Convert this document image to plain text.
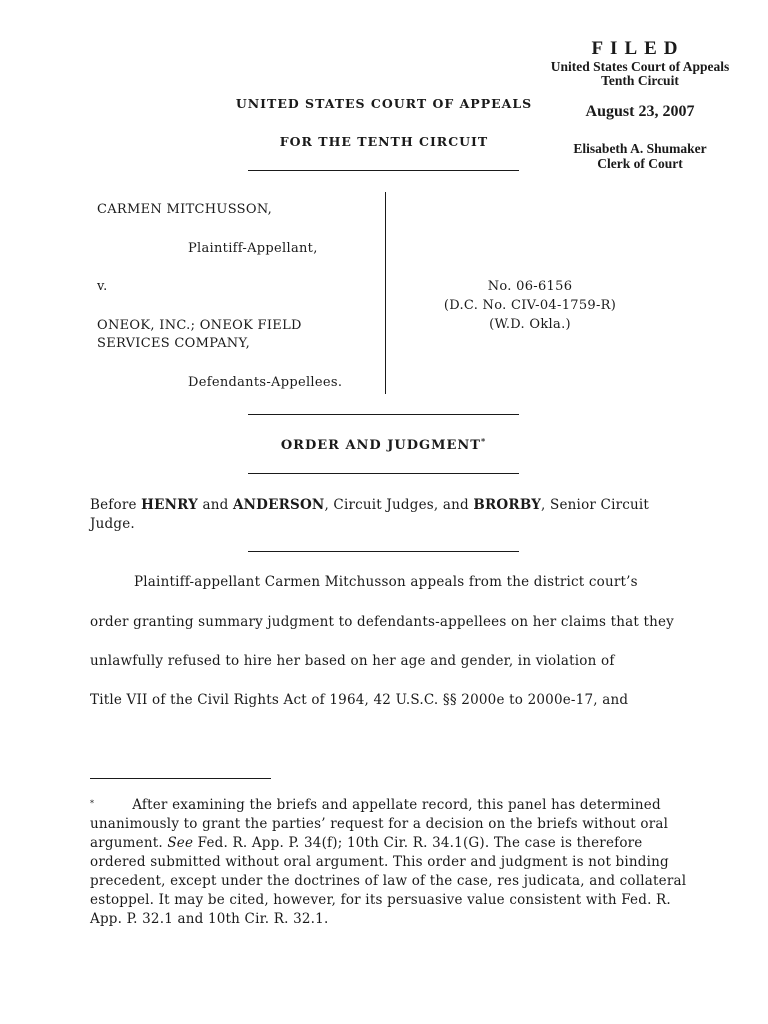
FILED
United States Court of Appeals
Tenth Circuit
August 23, 2007
Elisabeth A. Shumaker
Clerk of Court
UNITED STATES COURT OF APPEALS
FOR THE TENTH CIRCUIT
CARMEN MITCHUSSON,
Plaintiff-Appellant,
v.
ONEOK, INC.; ONEOK FIELD
SERVICES COMPANY,
Defendants-Appellees.
No. 06-6156
(D.C. No. CIV-04-1759-R)
(W.D. Okla.)
ORDER AND JUDGMENT*
Before HENRY and ANDERSON, Circuit Judges, and BRORBY, Senior Circuit
Judge.
Plaintiff-appellant Carmen Mitchusson appeals from the district court’s
order granting summary judgment to defendants-appellees on her claims that they
unlawfully refused to hire her based on her age and gender, in violation of
Title VII of the Civil Rights Act of 1964, 42 U.S.C. §§ 2000e to 2000e-17, and

*	After examining the briefs and appellate record, this panel has determined unanimously to grant the parties’ request for a decision on the briefs without oral argument. See Fed. R. App. P. 34(f); 10th Cir. R. 34.1(G). The case is therefore ordered submitted without oral argument. This order and judgment is not binding precedent, except under the doctrines of law of the case, res judicata, and collateral estoppel. It may be cited, however, for its persuasive value consistent with Fed. R. App. P. 32.1 and 10th Cir. R. 32.1.
